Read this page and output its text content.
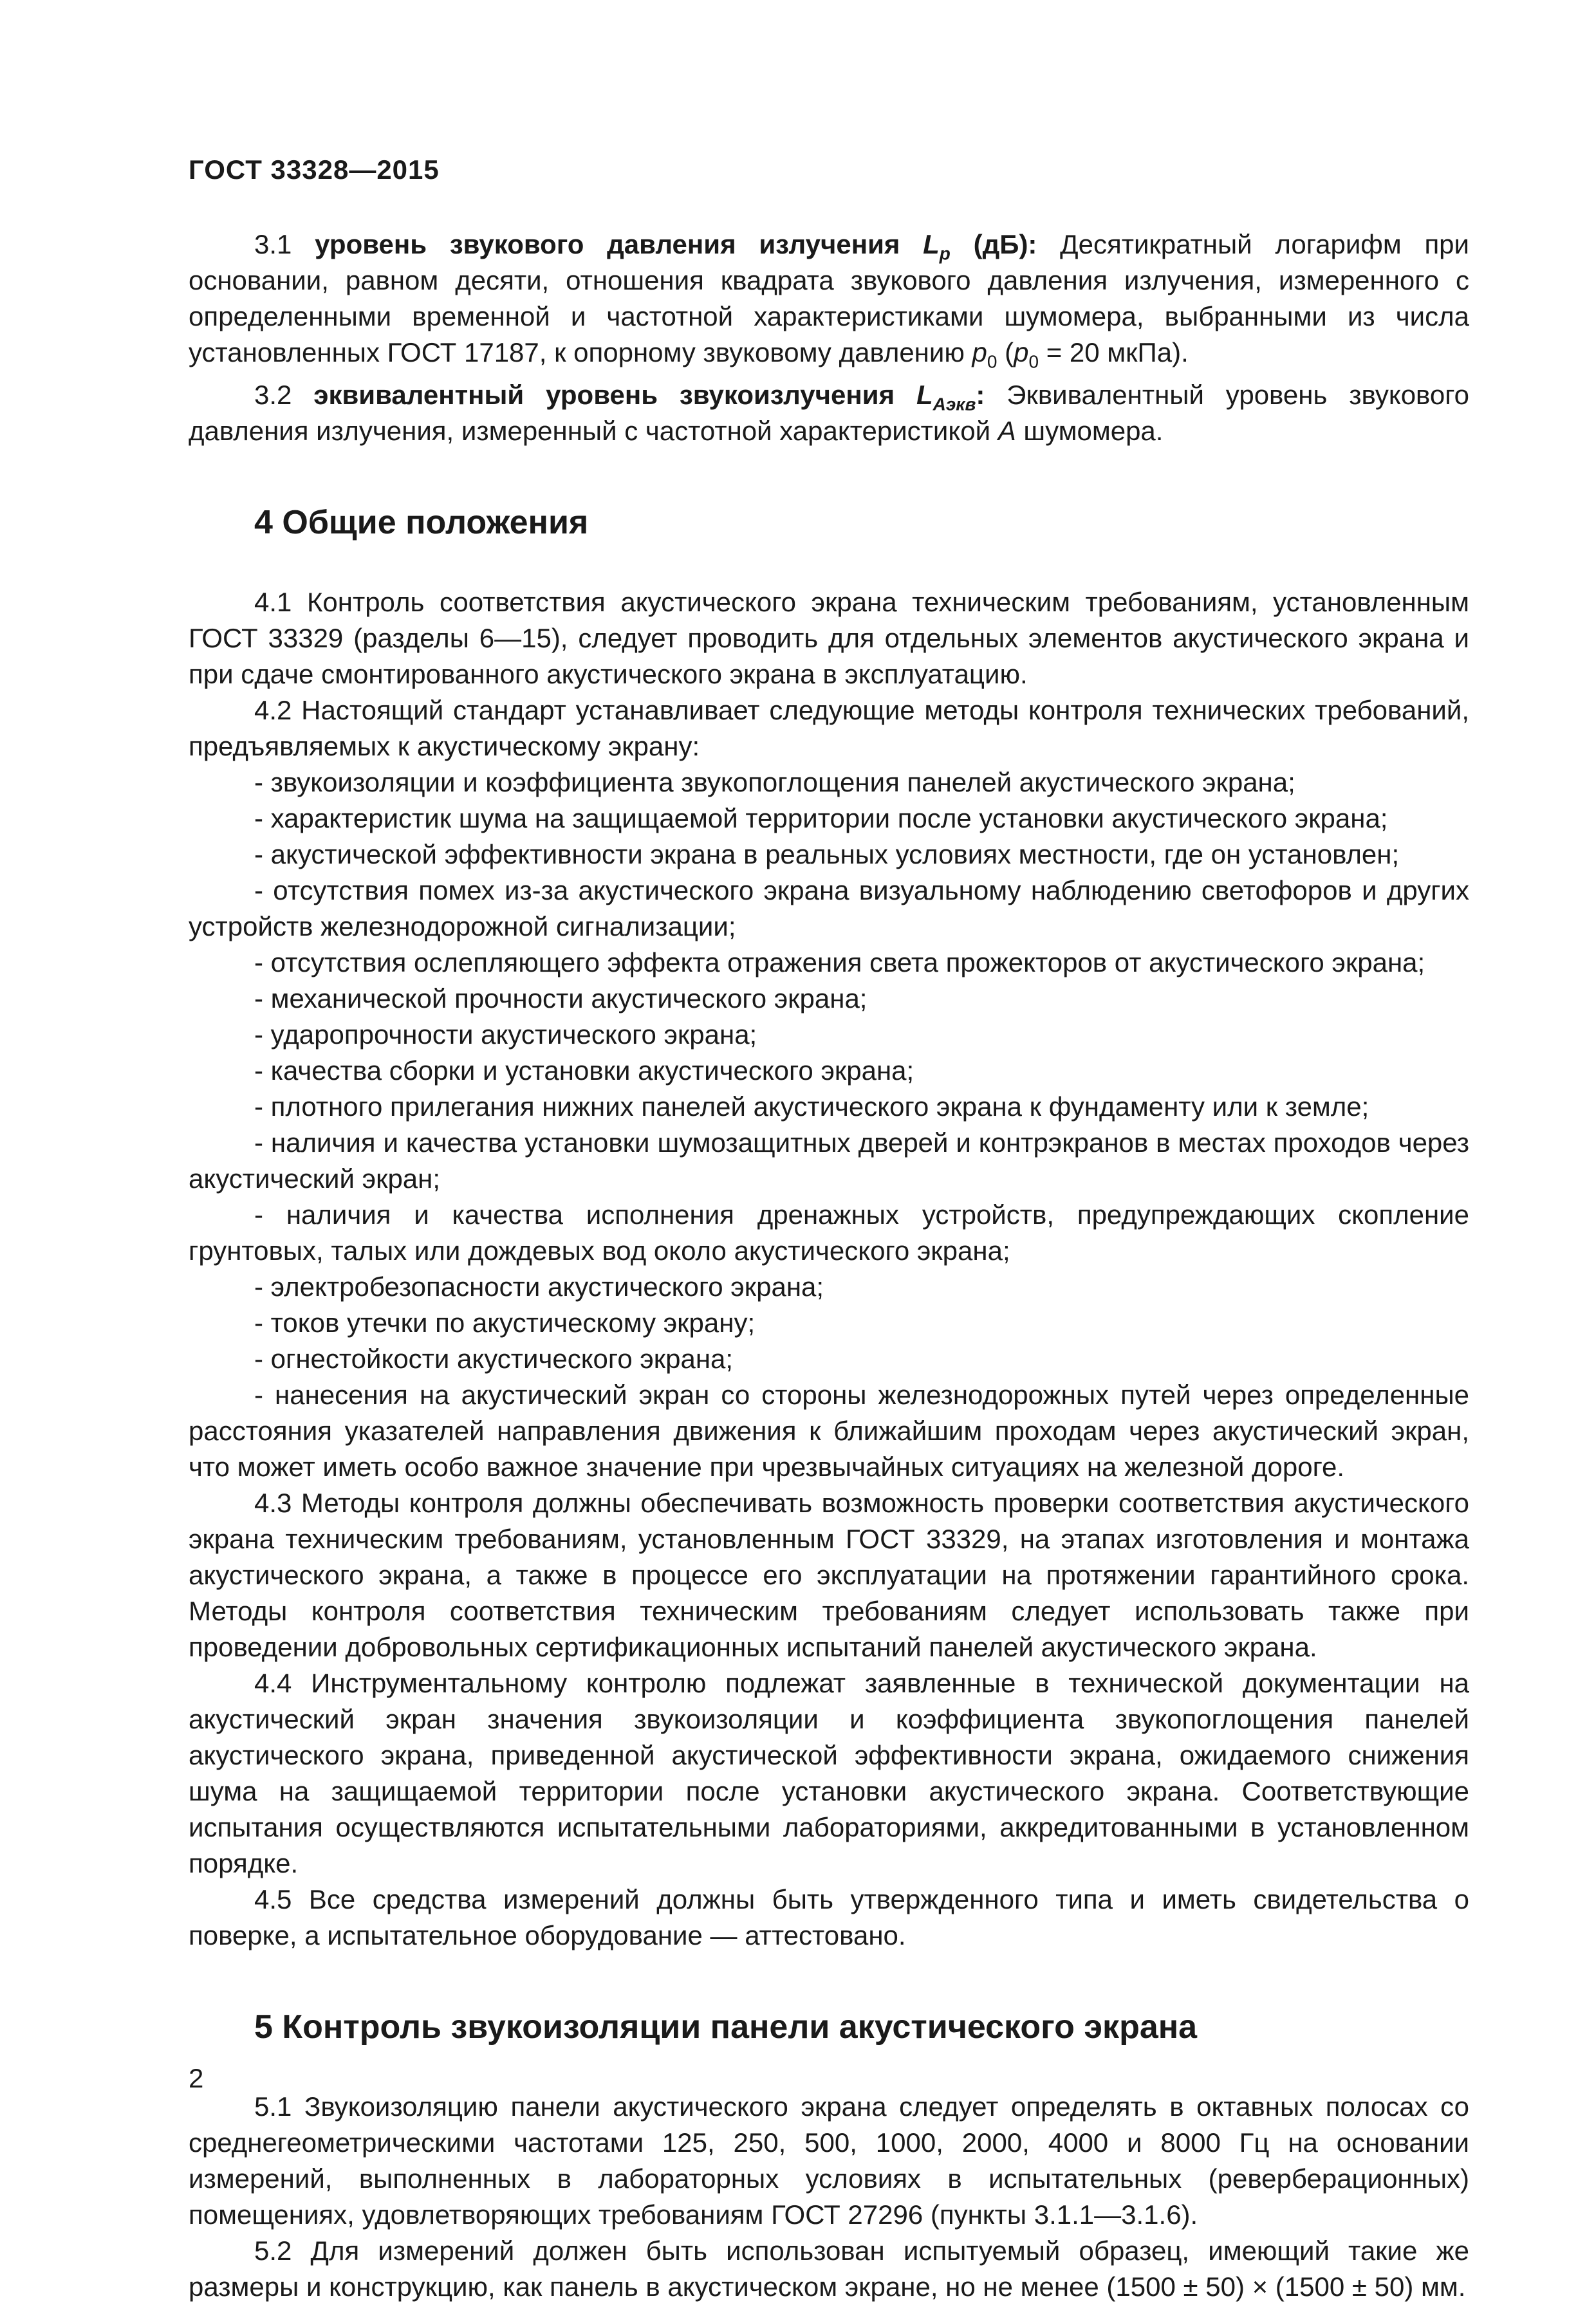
ГОСТ 33328—2015

3.1 уровень звукового давления излучения $L_p$ (дБ): Десятикратный логарифм при основании, равном десяти, отношения квадрата звукового давления излучения, измеренного с определенными временной и частотной характеристиками шумомера, выбранными из числа установленных ГОСТ 17187, к опорному звуковому давлению $p_0$ ($p_0 = 20$ мкПа).

3.2 эквивалентный уровень звукоизлучения $L_{Aэкв}$: Эквивалентный уровень звукового давления излучения, измеренный с частотной характеристикой A шумомера.

4 Общие положения

4.1 Контроль соответствия акустического экрана техническим требованиям, установленным ГОСТ 33329 (разделы 6—15), следует проводить для отдельных элементов акустического экрана и при сдаче смонтированного акустического экрана в эксплуатацию.

4.2 Настоящий стандарт устанавливает следующие методы контроля технических требований, предъявляемых к акустическому экрану:

- звукоизоляции и коэффициента звукопоглощения панелей акустического экрана;

- характеристик шума на защищаемой территории после установки акустического экрана;

- акустической эффективности экрана в реальных условиях местности, где он установлен;

- отсутствия помех из-за акустического экрана визуальному наблюдению светофоров и других устройств железнодорожной сигнализации;

- отсутствия ослепляющего эффекта отражения света прожекторов от акустического экрана;

- механической прочности акустического экрана;

- ударопрочности акустического экрана;

- качества сборки и установки акустического экрана;

- плотного прилегания нижних панелей акустического экрана к фундаменту или к земле;

- наличия и качества установки шумозащитных дверей и контрэкранов в местах проходов через акустический экран;

- наличия и качества исполнения дренажных устройств, предупреждающих скопление грунтовых, талых или дождевых вод около акустического экрана;

- электробезопасности акустического экрана;

- токов утечки по акустическому экрану;

- огнестойкости акустического экрана;

- нанесения на акустический экран со стороны железнодорожных путей через определенные расстояния указателей направления движения к ближайшим проходам через акустический экран, что может иметь особо важное значение при чрезвычайных ситуациях на железной дороге.

4.3 Методы контроля должны обеспечивать возможность проверки соответствия акустического экрана техническим требованиям, установленным ГОСТ 33329, на этапах изготовления и монтажа акустического экрана, а также в процессе его эксплуатации на протяжении гарантийного срока. Методы контроля соответствия техническим требованиям следует использовать также при проведении добровольных сертификационных испытаний панелей акустического экрана.

4.4 Инструментальному контролю подлежат заявленные в технической документации на акустический экран значения звукоизоляции и коэффициента звукопоглощения панелей акустического экрана, приведенной акустической эффективности экрана, ожидаемого снижения шума на защищаемой территории после установки акустического экрана. Соответствующие испытания осуществляются испытательными лабораториями, аккредитованными в установленном порядке.

4.5 Все средства измерений должны быть утвержденного типа и иметь свидетельства о поверке, а испытательное оборудование — аттестовано.

5 Контроль звукоизоляции панели акустического экрана

5.1 Звукоизоляцию панели акустического экрана следует определять в октавных полосах со среднегеометрическими частотами 125, 250, 500, 1000, 2000, 4000 и 8000 Гц на основании измерений, выполненных в лабораторных условиях в испытательных (реверберационных) помещениях, удовлетворяющих требованиям ГОСТ 27296 (пункты 3.1.1—3.1.6).

5.2 Для измерений должен быть использован испытуемый образец, имеющий такие же размеры и конструкцию, как панель в акустическом экране, но не менее (1500 ± 50) × (1500 ± 50) мм.

2
